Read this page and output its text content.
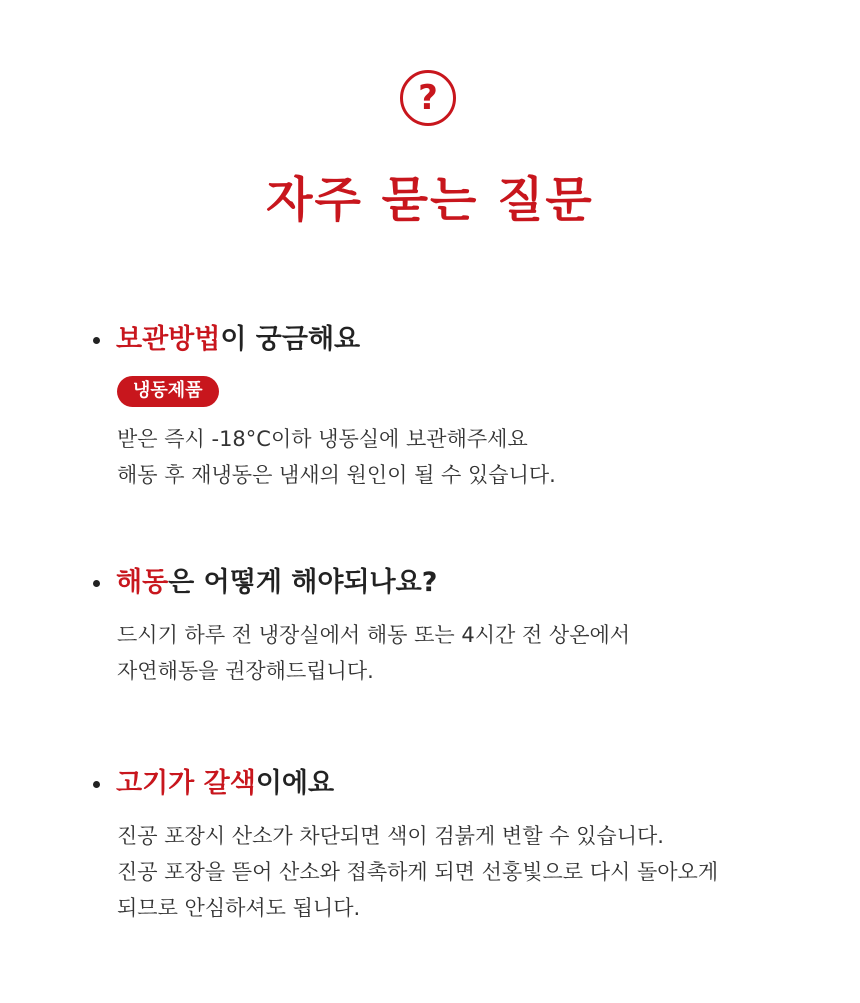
?
자주 묻는 질문
보관방법이 궁금해요
냉동제품

받은 즉시 -18°C이하 냉동실에 보관해주세요

해동 후 재냉동은 냄새의 원인이 될 수 있습니다.

해동은 어떻게 해야되나요?

드시기 하루 전 냉장실에서 해동 또는 4시간 전 상온에서

자연해동을 권장해드립니다.

고기가 갈색이에요

진공 포장시 산소가 차단되면 색이 검붉게 변할 수 있습니다.

진공 포장을 뜯어 산소와 접촉하게 되면 선홍빛으로 다시 돌아오게

되므로 안심하셔도 됩니다.
